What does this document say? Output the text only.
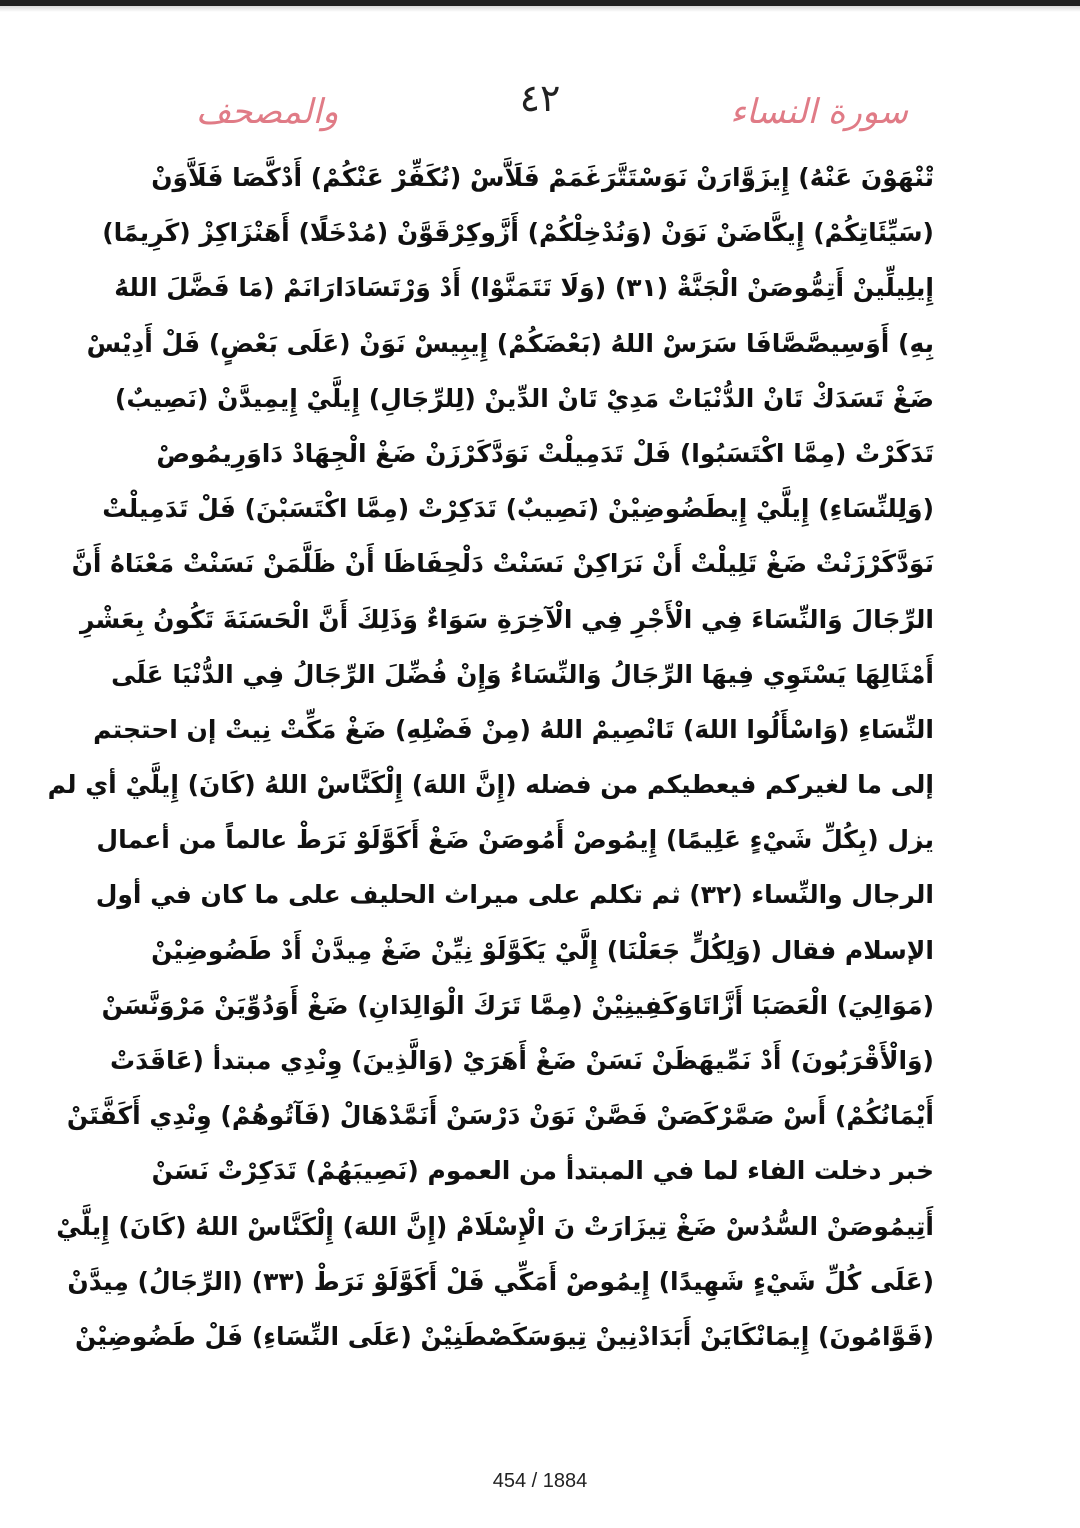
٤٢	سورة النساء
والمصحف
تْنْهَوْنَ عَنْهُ) إِيزَوَّارَنْ نَوَسْتَتَّرَغَمَمْ فَلَاَّسْ (نُكَفِّرْ عَنْكُمْ) أَدْكَّصَا فَلَاَّوَنْ
(سَيِّئَاتِكُمْ) إِيكَّاضَنْ نَوَنْ (وَنُدْخِلْكُمْ) أَزَّوكِرْقَوَّنْ (مُدْخَلًا) أَهَنْزَاكِزْ (كَرِيمًا)
إِيلِيلِّينْ أَتِمُّوصَنْ الْجَنَّةْ (٣١) (وَلَا تَتَمَنَّوْا) أَدْ وَرْتَسَادَارَانَمْ (مَا فَضَّلَ اللهُ
بِهِ) أَوَسِيصَّصَّافَا سَرَسْ اللهُ (بَعْضَكُمْ) إِيبِيسْ نَوَنْ (عَلَى بَعْضٍ) فَلْ أَدِيْسْ
ضَغْ تَسَدَكْ تَانْ الدُّنْيَاتْ مَدِيْ تَانْ الدِّينْ (لِلرِّجَالِ) إِيلَّيْ إِيمِيدَّنْ (نَصِيبٌ)
تَدَكَرْتْ (مِمَّا اكْتَسَبُوا) فَلْ تَدَمِيلْتْ نَوَدَّكَرْزَنْ ضَغْ الْجِهَادْ دَاوَرِيمُوصْ
(وَلِلنِّسَاءِ) إِيلَّيْ إِيطَضُوضِيْنْ (نَصِيبٌ) تَدَكِرْتْ (مِمَّا اكْتَسَبْنَ) فَلْ تَدَمِيلْتْ
نَوَدَّكَرْزَنْتْ ضَغْ تَلِيلْتْ أَنْ نَرَاكِنْ نَسَنْتْ دَلْحِفَاظَا أَنْ ظَلَّمَنْ نَسَنْتْ مَعْنَاهُ أَنَّ
الرِّجَالَ وَالنِّسَاءَ فِي الْأَجْرِ فِي الْآخِرَةِ سَوَاءٌ وَذَلِكَ أَنَّ الْحَسَنَةَ تَكُونُ بِعَشْرِ
أَمْثَالِهَا يَسْتَوِي فِيهَا الرِّجَالُ وَالنِّسَاءُ وَإِنْ فُضِّلَ الرِّجَالُ فِي الدُّنْيَا عَلَى
النِّسَاءِ (وَاسْأَلُوا اللهَ) تَانْصِيمْ اللهُ (مِنْ فَضْلِهِ) ضَغْ مَكِّتْ نِيتْ إن احتجتم
إلى ما لغيركم فيعطيكم من فضله (إِنَّ اللهَ) إِلْكَنَّاسْ اللهُ (كَانَ) إِيلَّيْ أي لم
يزل (بِكُلِّ شَيْءٍ عَلِيمًا) إِيمُوصْ أَمُوصَنْ ضَغْ أَكَوَّلَوْ نَرَطْ عالماً من أعمال
الرجال والنِّساء (٣٢) ثم تكلم على ميراث الحليف على ما كان في أول
الإسلام فقال (وَلِكُلٍّ جَعَلْنَا) إِلَّيْ يَكَوَّلَوْ نِيِّنْ ضَغْ مِيدَّنْ أَدْ طَضُوضِيْنْ
(مَوَالِيَ) الْعَصَبَا أَزَّاتَاوَكَفِينِيْنْ (مِمَّا تَرَكَ الْوَالِدَانِ) ضَغْ أَوَدُوِّيَنْ مَرْوَنَّسَنْ
(وَالْأَقْرَبُونَ) أَدْ نَمِّيهَظَنْ نَسَنْ ضَغْ أَهَرَيْ (وَالَّذِينَ) وِنْدِي مبتدأ (عَاقَدَتْ
أَيْمَانُكُمْ) أَسْ صَمَّرْكَصَنْ فَصَّنْ نَوَنْ دَرْسَنْ أَنَمَّدْهَالْ (فَآتُوهُمْ) وِنْدِي أَكَفَّتَنْ
خبر دخلت الفاء لما في المبتدأ من العموم (نَصِيبَهُمْ) تَدَكِرْتْ نَسَنْ
أَتِيمُوصَنْ السُّدُسْ ضَغْ تِيزَارَتْ نَ الْإِسْلَامْ (إِنَّ اللهَ) إِلْكَنَّاسْ اللهُ (كَانَ) إِيلَّيْ
(عَلَى كُلِّ شَيْءٍ شَهِيدًا) إِيمُوصْ أَمَكِّي فَلْ أَكَوَّلَوْ نَرَطْ (٣٣) (الرِّجَالُ) مِيدَّنْ
(قَوَّامُونَ) إِيمَانْكَايَنْ أَبَدَادْنِينْ تِيوَسَكَصْطَنِيْنْ (عَلَى النِّسَاءِ) فَلْ طَضُوضِيْنْ
454 / 1884
